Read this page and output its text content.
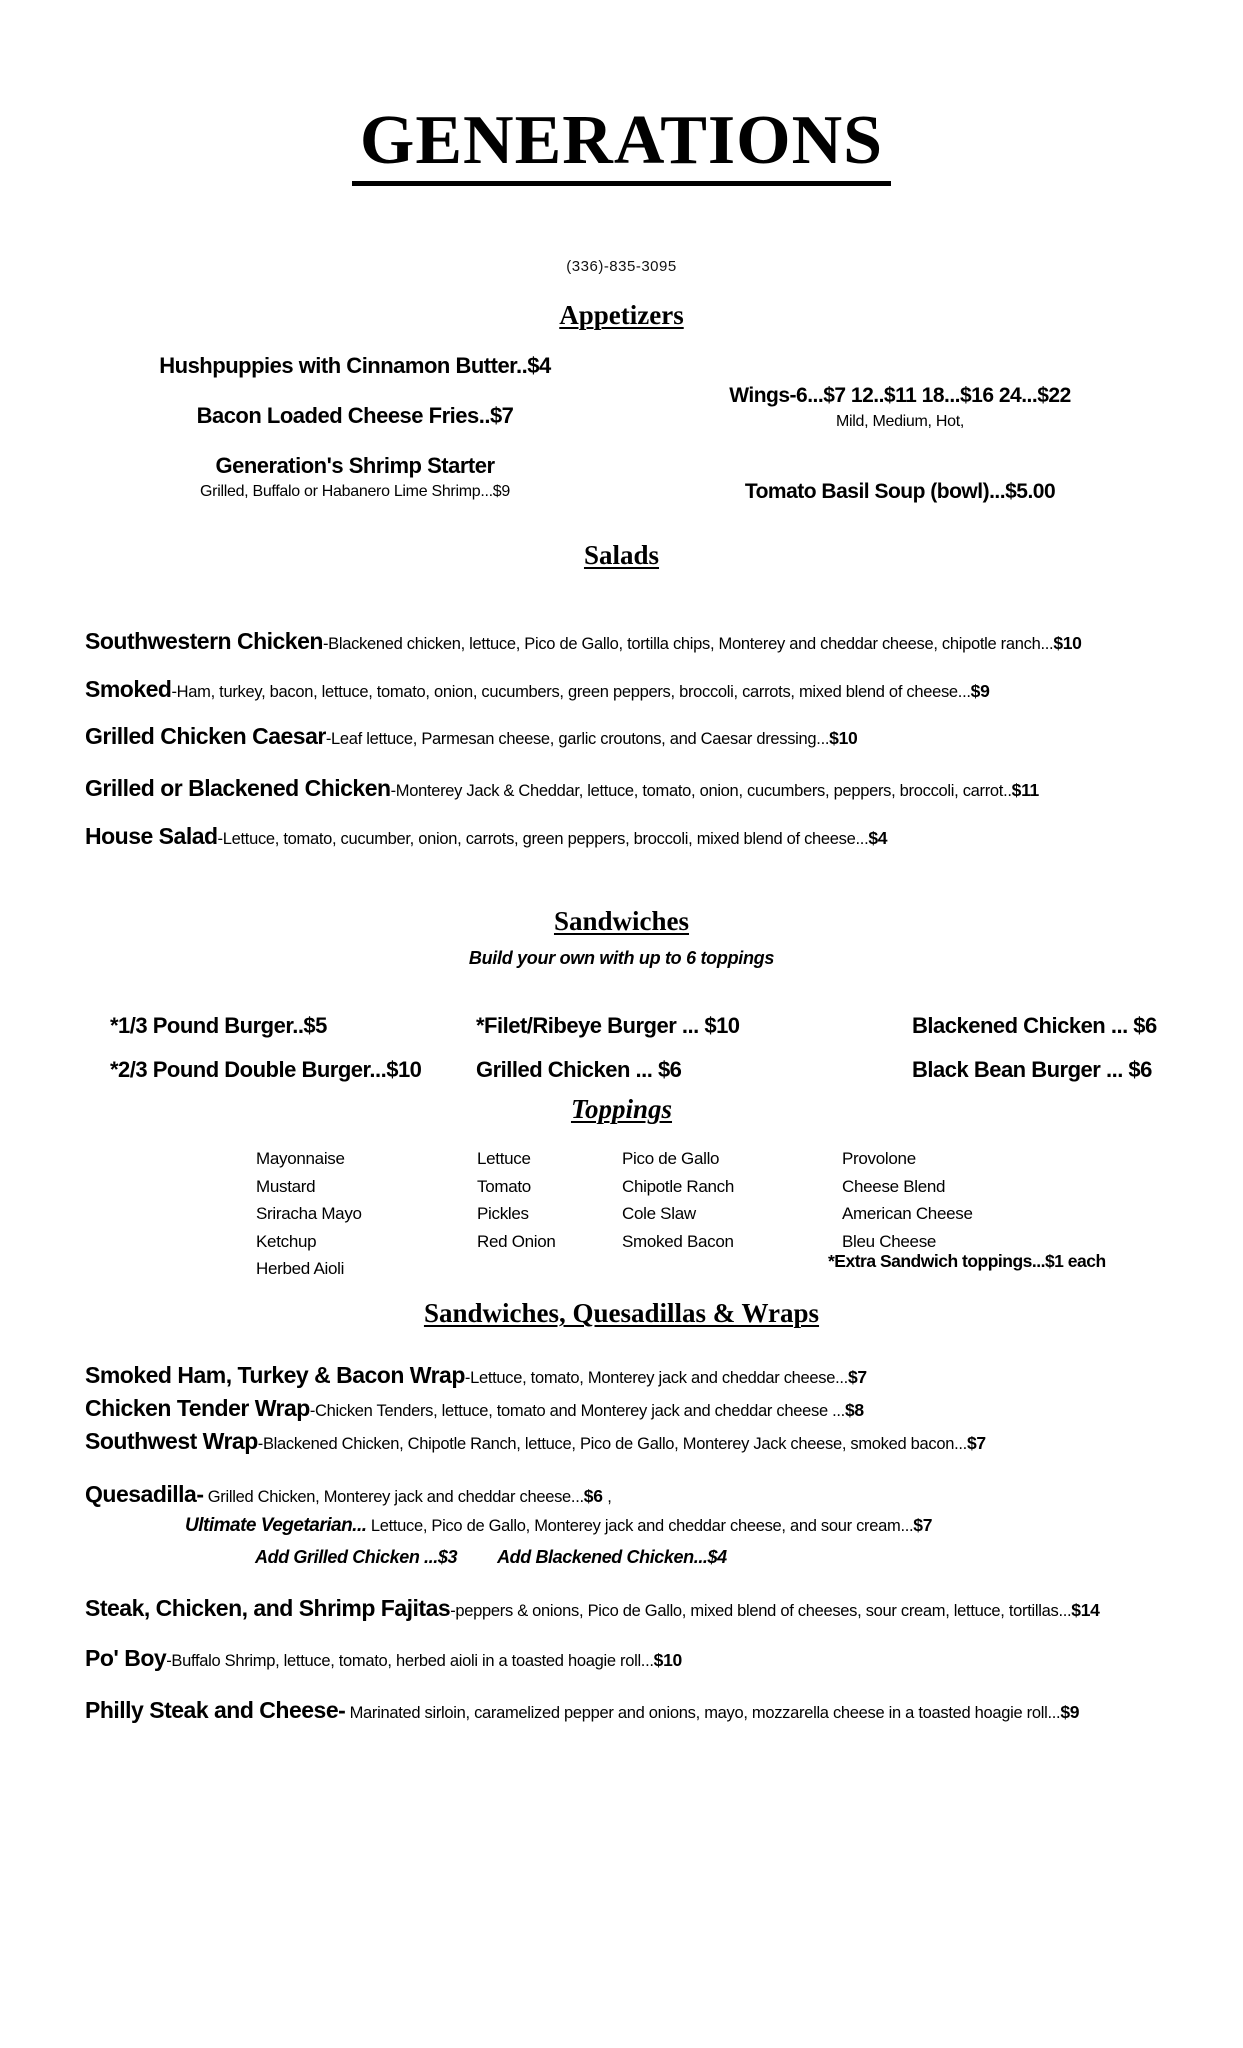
GENERATIONS
(336)-835-3095
Appetizers
Hushpuppies with Cinnamon Butter..$4
Bacon Loaded Cheese Fries..$7
Generation's Shrimp Starter
Grilled, Buffalo or Habanero Lime Shrimp...$9
Wings-6...$7 12..$11 18...$16 24...$22
Mild, Medium, Hot,
Tomato Basil Soup (bowl)...$5.00
Salads
Southwestern Chicken-Blackened chicken, lettuce, Pico de Gallo, tortilla chips, Monterey and cheddar cheese, chipotle ranch...$10
Smoked-Ham, turkey, bacon, lettuce, tomato, onion, cucumbers, green peppers, broccoli, carrots, mixed blend of cheese...$9
Grilled Chicken Caesar-Leaf lettuce, Parmesan cheese, garlic croutons, and Caesar dressing...$10
Grilled or Blackened Chicken-Monterey Jack & Cheddar, lettuce, tomato, onion, cucumbers, peppers, broccoli, carrot..$11
House Salad-Lettuce, tomato, cucumber, onion, carrots, green peppers, broccoli, mixed blend of cheese...$4
Sandwiches
Build your own with up to 6 toppings
*1/3 Pound Burger..$5
*2/3 Pound Double Burger...$10
*Filet/Ribeye Burger ... $10
Grilled Chicken ... $6
Blackened Chicken ... $6
Black Bean Burger ... $6
Toppings
Mayonnaise
Mustard
Sriracha Mayo
Ketchup
Herbed Aioli
Lettuce
Tomato
Pickles
Red Onion
Pico de Gallo
Chipotle Ranch
Cole Slaw
Smoked Bacon
Provolone
Cheese Blend
American Cheese
Bleu Cheese
*Extra Sandwich toppings...$1 each
Sandwiches, Quesadillas & Wraps
Smoked Ham, Turkey & Bacon Wrap-Lettuce, tomato, Monterey jack and cheddar cheese...$7
Chicken Tender Wrap-Chicken Tenders, lettuce, tomato and Monterey jack and cheddar cheese ...$8
Southwest Wrap-Blackened Chicken, Chipotle Ranch, lettuce, Pico de Gallo, Monterey Jack cheese, smoked bacon...$7
Quesadilla- Grilled Chicken, Monterey jack and cheddar cheese...$6 ,
Steak, Chicken, and Shrimp Fajitas-peppers & onions, Pico de Gallo, mixed blend of cheeses, sour cream, lettuce, tortillas...$14
Po' Boy-Buffalo Shrimp, lettuce, tomato, herbed aioli in a toasted hoagie roll...$10
Philly Steak and Cheese- Marinated sirloin, caramelized pepper and onions, mayo, mozzarella cheese in a toasted hoagie roll...$9
Ultimate Vegetarian... Lettuce, Pico de Gallo, Monterey jack and cheddar cheese, and sour cream...$7
Add Grilled Chicken ...$3 Add Blackened Chicken...$4
